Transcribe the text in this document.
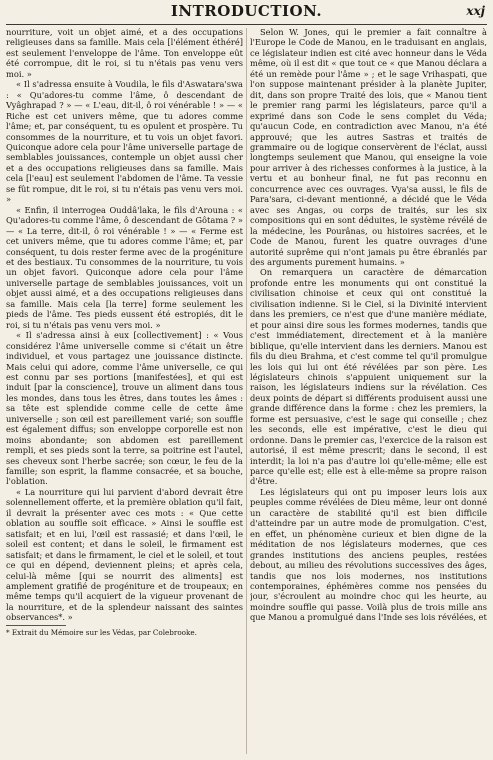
INTRODUCTION.	xxj

nourriture, voit un objet aimé, et a des occupations religieuses dans sa famille. Mais cela [l'élément éthéré] est seulement l'enveloppe de l'âme. Ton enveloppe eût été corrompue, dit le roi, si tu n'étais pas venu vers moi. »

« Il s'adressa ensuite à Voudila, le fils d'Aswatara'swa : « Qu'adores-tu comme l'âme, ô descendant de Vyâghrapad ? » — « L'eau, dit-il, ô roi vénérable ! » — « Riche est cet univers même, que tu adores comme l'âme; et, par conséquent, tu es opulent et prospère. Tu consommes de la nourriture, et tu vois un objet favori. Quiconque adore cela pour l'âme universelle partage de semblables jouissances, contemple un objet aussi cher et a des occupations religieuses dans sa famille. Mais cela [l'eau] est seulement l'abdomen de l'âme. Ta vessie se fût rompue, dit le roi, si tu n'étais pas venu vers moi. »

« Enfin, il interrogea Ouddâ'laka, le fils d'Arouna : « Qu'adores-tu comme l'âme, ô descendant de Gôtama ? » — « La terre, dit-il, ô roi vénérable ! » — « Ferme est cet univers même, que tu adores comme l'âme; et, par conséquent, tu dois rester ferme avec de la progéniture et des bestiaux. Tu consommes de la nourriture, tu vois un objet favori. Quiconque adore cela pour l'âme universelle partage de semblables jouissances, voit un objet aussi aimé, et a des occupations religieuses dans sa famille. Mais cela [la terre] forme seulement les pieds de l'âme. Tes pieds eussent été estropiés, dit le roi, si tu n'étais pas venu vers moi. »

« Il s'adressa ainsi à eux [collectivement] : « Vous considérez l'âme universelle comme si c'était un être individuel, et vous partagez une jouissance distincte. Mais celui qui adore, comme l'âme universelle, ce qui est connu par ses portions [manifestées], et qui est induit [par la conscience], trouve un aliment dans tous les mondes, dans tous les êtres, dans toutes les âmes : sa tête est splendide comme celle de cette âme universelle ; son œil est pareillement varié; son souffle est également diffus; son enveloppe corporelle est non moins abondante; son abdomen est pareillement rempli, et ses pieds sont la terre, sa poitrine est l'autel, ses cheveux sont l'herbe sacrée; son cœur, le feu de la famille; son esprit, la flamme consacrée, et sa bouche, l'oblation.

« La nourriture qui lui parvient d'abord devrait être solennellement offerte, et la première oblation qu'il fait, il devrait la présenter avec ces mots : « Que cette oblation au souffle soit efficace. » Ainsi le souffle est satisfait; et en lui, l'œil est rassasié; et dans l'œil, le soleil est content; et dans le soleil, le firmament est satisfait; et dans le firmament, le ciel et le soleil, et tout ce qui en dépend, deviennent pleins; et après cela, celui-là même [qui se nourrit des aliments] est amplement gratifié de progéniture et de troupeaux; en même temps qu'il acquiert de la vigueur provenant de la nourriture, et de la splendeur naissant des saintes observances*. »

* Extrait du Mémoire sur les Védas, par Colebrooke.

Selon W. Jones, qui le premier a fait connaître à l'Europe le Code de Manou, en le traduisant en anglais, ce législateur indien est cité avec honneur dans le Véda même, où il est dit « que tout ce « que Manou déclara a été un remède pour l'âme » ; et le sage Vrihaspati, que l'on suppose maintenant présider à la planète Jupiter, dit, dans son propre Traité des lois, que « Manou tient le premier rang parmi les législateurs, parce qu'il a exprimé dans son Code le sens complet du Véda; qu'aucun Code, en contradiction avec Manou, n'a été approuvé; que les autres Sastras et traités de grammaire ou de logique conservèrent de l'éclat, aussi longtemps seulement que Manou, qui enseigne la voie pour arriver à des richesses conformes à la justice, à la vertu et au bonheur final, ne fut pas reconnu en concurrence avec ces ouvrages. Vya'sa aussi, le fils de Para'sara, ci-devant mentionné, a décidé que le Véda avec ses Angas, ou corps de traités, sur les six compositions qui en sont déduites, le système révélé de la médecine, les Pourânas, ou histoires sacrées, et le Code de Manou, furent les quatre ouvrages d'une autorité suprême qui n'ont jamais pu être ébranlés par des arguments purement humains. »

On remarquera un caractère de démarcation profonde entre les monuments qui ont constitué la civilisation chinoise et ceux qui ont constitué la civilisation indienne. Si le Ciel, si la Divinité intervient dans les premiers, ce n'est que d'une manière médiate, et pour ainsi dire sous les formes modernes, tandis que c'est immédiatement, directement et à la manière biblique, qu'elle intervient dans les derniers. Manou est fils du dieu Brahma, et c'est comme tel qu'il promulgue les lois qui lui ont été révélées par son père. Les législateurs chinois s'appuient uniquement sur la raison, les législateurs indiens sur la révélation. Ces deux points de départ si différents produisent aussi une grande différence dans la forme : chez les premiers, la forme est persuasive, c'est le sage qui conseille ; chez les seconds, elle est impérative, c'est le dieu qui ordonne. Dans le premier cas, l'exercice de la raison est autorisé, il est même prescrit; dans le second, il est interdit; la loi n'a pas d'autre loi qu'elle-même; elle est parce qu'elle est; elle est à elle-même sa propre raison d'être.

Les législateurs qui ont pu imposer leurs lois aux peuples comme révélées de Dieu même, leur ont donné un caractère de stabilité qu'il est bien difficile d'atteindre par un autre mode de promulgation. C'est, en effet, un phénomène curieux et bien digne de la méditation de nos législateurs modernes, que ces grandes institutions des anciens peuples, restées debout, au milieu des révolutions successives des âges, tandis que nos lois modernes, nos institutions contemporaines, éphémères comme nos pensées du jour, s'écroulent au moindre choc qui les heurte, au moindre souffle qui passe. Voilà plus de trois mille ans que Manou a promulgué dans l'Inde ses lois révélées, et
